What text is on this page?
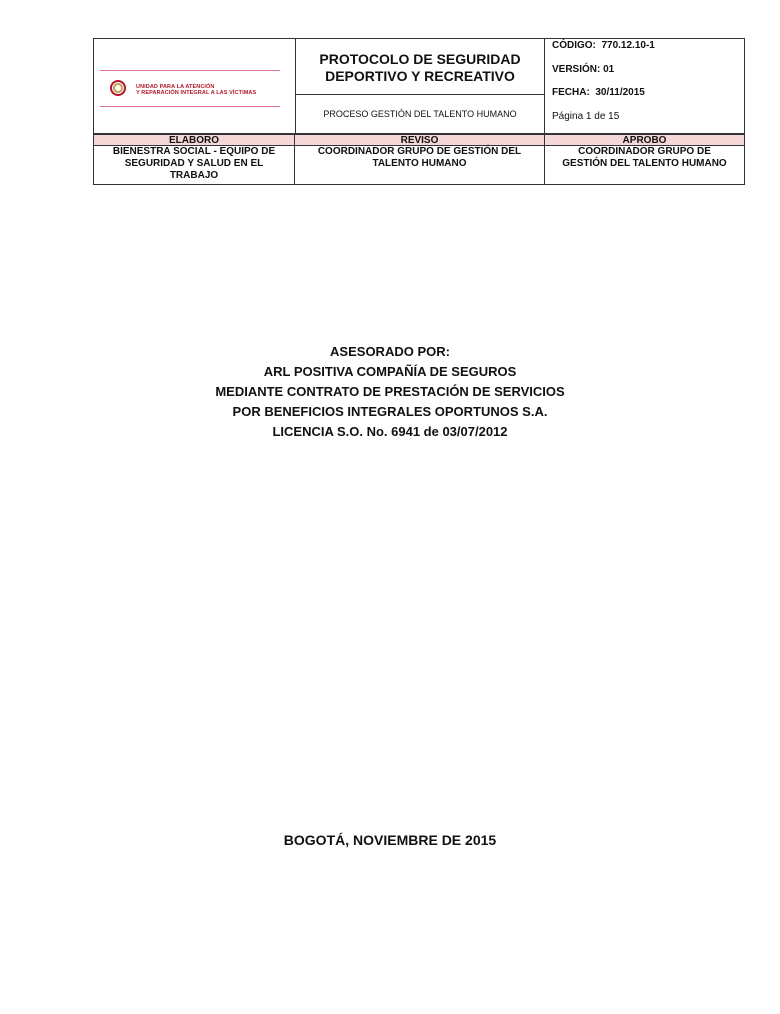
UNIDAD PARA LA ATENCIÓN
Y REPARACIÓN INTEGRAL A LAS VÍCTIMAS
PROTOCOLO DE SEGURIDAD
DEPORTIVO Y RECREATIVO
PROCESO GESTIÓN DEL TALENTO HUMANO
CÓDIGO: 770.12.10-1
VERSIÓN: 01
FECHA: 30/11/2015
Página 1 de 15
ELABORO	REVISO	APROBO
BIENESTRA SOCIAL - EQUIPO DE
SEGURIDAD Y SALUD EN EL
TRABAJO
COORDINADOR GRUPO DE GESTIÓN DEL
TALENTO HUMANO
COORDINADOR GRUPO DE
GESTIÓN DEL TALENTO HUMANO
ASESORADO POR:
ARL POSITIVA COMPAÑÍA DE SEGUROS
MEDIANTE CONTRATO DE PRESTACIÓN DE SERVICIOS
POR BENEFICIOS INTEGRALES OPORTUNOS S.A.
LICENCIA S.O. No. 6941 de 03/07/2012
BOGOTÁ, NOVIEMBRE DE 2015
